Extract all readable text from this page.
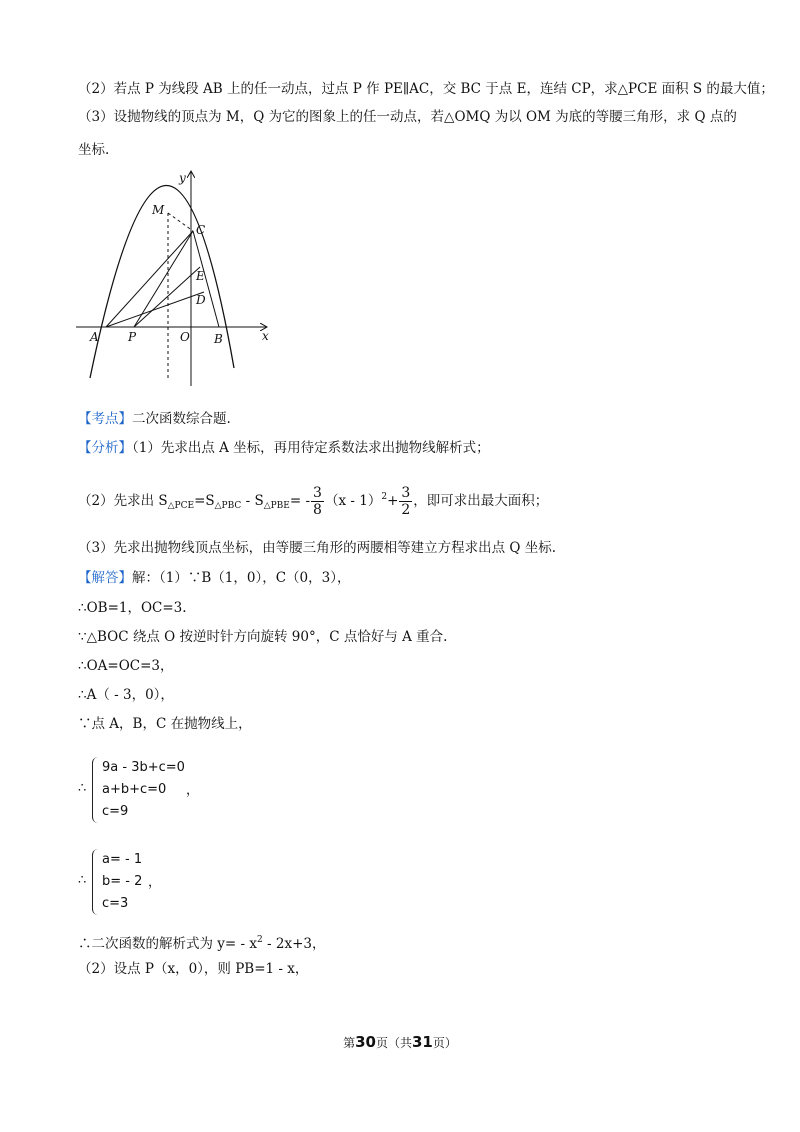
（2）若点 P 为线段 AB 上的任一动点，过点 P 作 PE∥AC，交 BC 于点 E，连结 CP，求△PCE 面积 S 的最大值；
（3）设抛物线的顶点为 M，Q 为它的图象上的任一动点，若△OMQ 为以 OM 为底的等腰三角形，求 Q 点的
坐标.
y
x
M
C
E
D
A P	O B
【考点】二次函数综合题.
【分析】（1）先求出点 A 坐标，再用待定系数法求出抛物线解析式；
（2）先求出 $S_{\triangle PCE}=S_{\triangle PBC} - S_{\triangle PBE}= - \frac{3}{8} (x - 1)^2+ \frac{3}{2}$ ，即可求出最大面积；
（3）先求出抛物线顶点坐标，由等腰三角形的两腰相等建立方程求出点 Q 坐标.
【解答】解：（1）∵B（1，0），C（0，3），
∴OB=1，OC=3.
∵△BOC 绕点 O 按逆时针方向旋转 90°，C 点恰好与 A 重合.
∴OA=OC=3，
∴A（ - 3，0），
∵点 A，B，C 在抛物线上，
∴
9a - 3b+c=0
a+b+c=0
c=9
，
∴
a= - 1
b= - 2
c=3
，
∴二次函数的解析式为 $y= - x^2 - 2x+3$，
（2）设点 P（x，0），则 PB=1 - x，
第30页（共31页）
